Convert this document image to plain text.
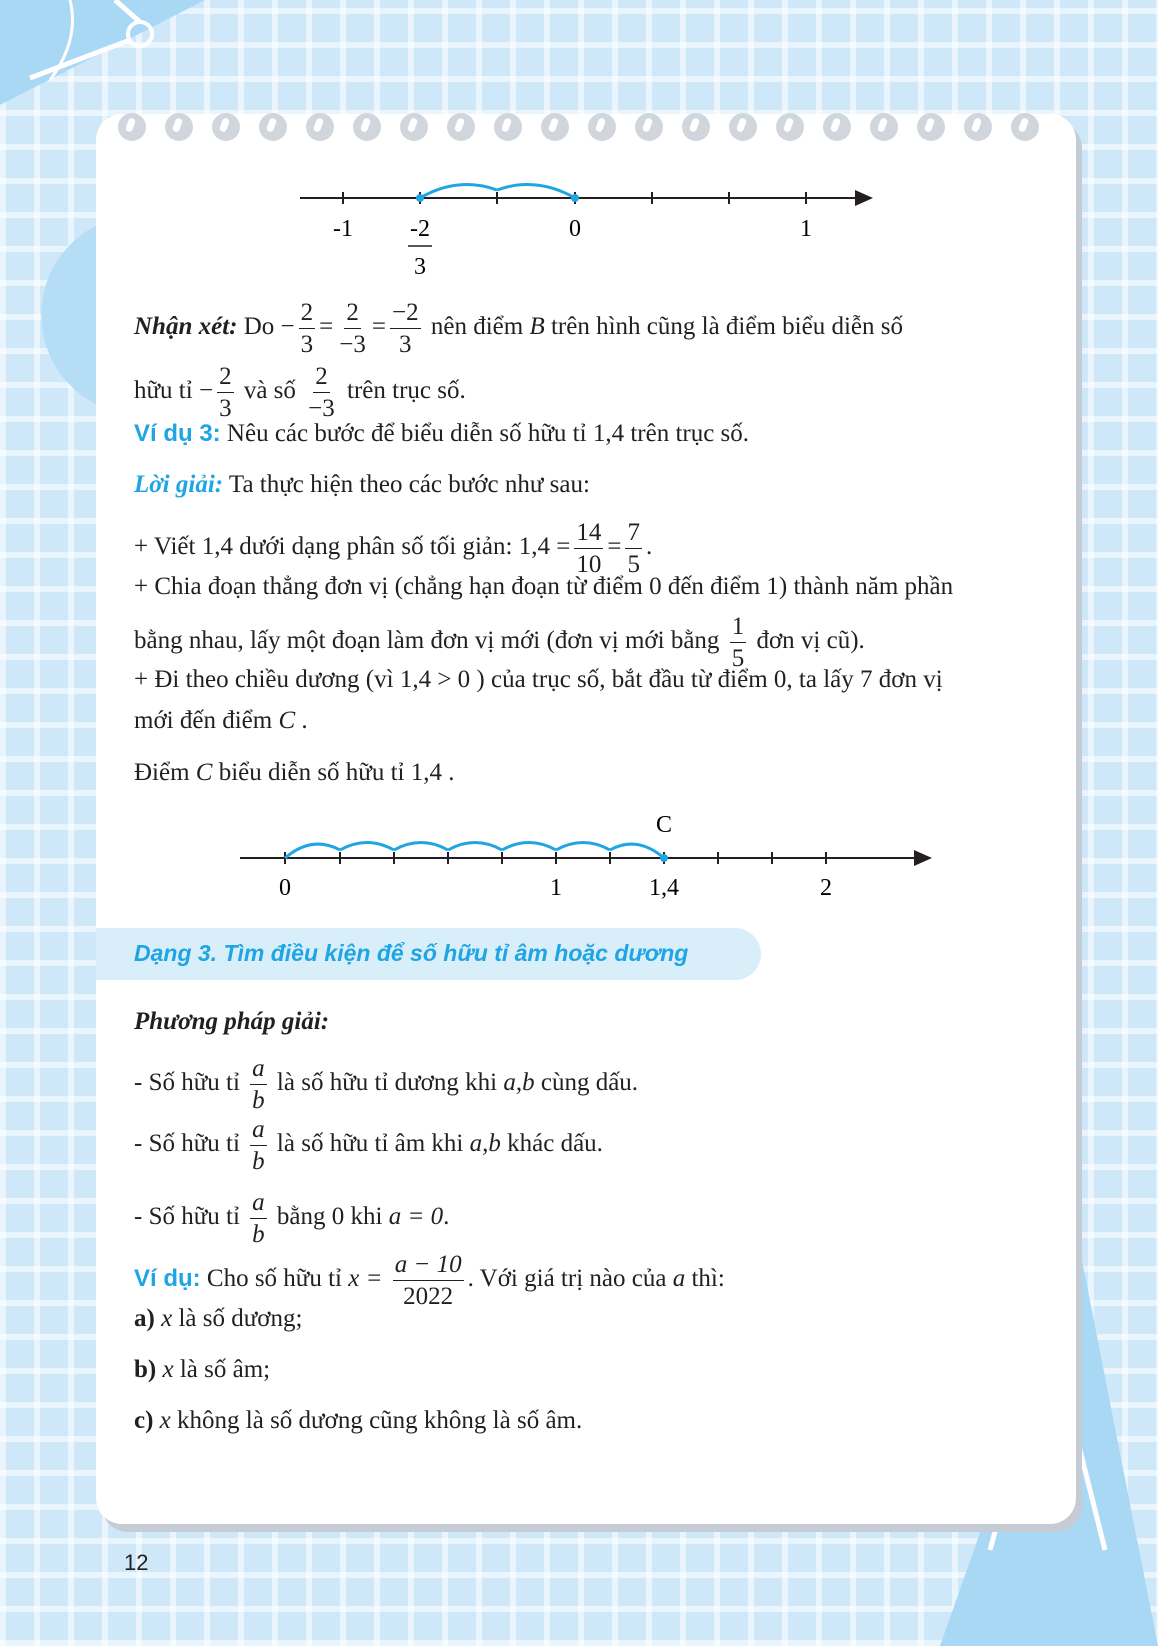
-1 -2
3
0	1
Nhận xét: $Do - \frac{2}{3} = \frac{2}{-3} = \frac{-2}{3}$ nên điểm B trên hình cũng là điểm biểu diễn số
hữu tỉ − $\frac{2}{3}$ và số $\frac{2}{-3}$ trên trục số.
Ví dụ 3: Nêu các bước để biểu diễn số hữu tỉ 1,4 trên trục số.
Lời giải: Ta thực hiện theo các bước như sau:
+ Viết 1,4 dưới dạng phân số tối giản: $1,4 = \frac{14}{10} = \frac{7}{5}$ .
+ Chia đoạn thẳng đơn vị (chẳng hạn đoạn từ điểm 0 đến điểm 1) thành năm phần
bằng nhau, lấy một đoạn làm đơn vị mới (đơn vị mới bằng $\frac{1}{5}$ đơn vị cũ).
+ Đi theo chiều dương (vì 1,4 > 0 ) của trục số, bắt đầu từ điểm 0, ta lấy 7 đơn vị
mới đến điểm C .
Điểm C biểu diễn số hữu tỉ 1,4 .
C
0	1	1,4	2
Dạng 3. Tìm điều kiện để số hữu tỉ âm hoặc dương
Phương pháp giải:
- Số hữu tỉ $\frac{a}{b}$ là số hữu tỉ dương khi a,b cùng dấu.
- Số hữu tỉ $\frac{a}{b}$ là số hữu tỉ âm khi a,b khác dấu.
- Số hữu tỉ $\frac{a}{b}$ bằng 0 khi a = 0.
Ví dụ: Cho số hữu tỉ $x = \frac{a - 10}{2022}$ . Với giá trị nào của a thì:
a) x là số dương;
b) x là số âm;
c) x không là số dương cũng không là số âm.
12
